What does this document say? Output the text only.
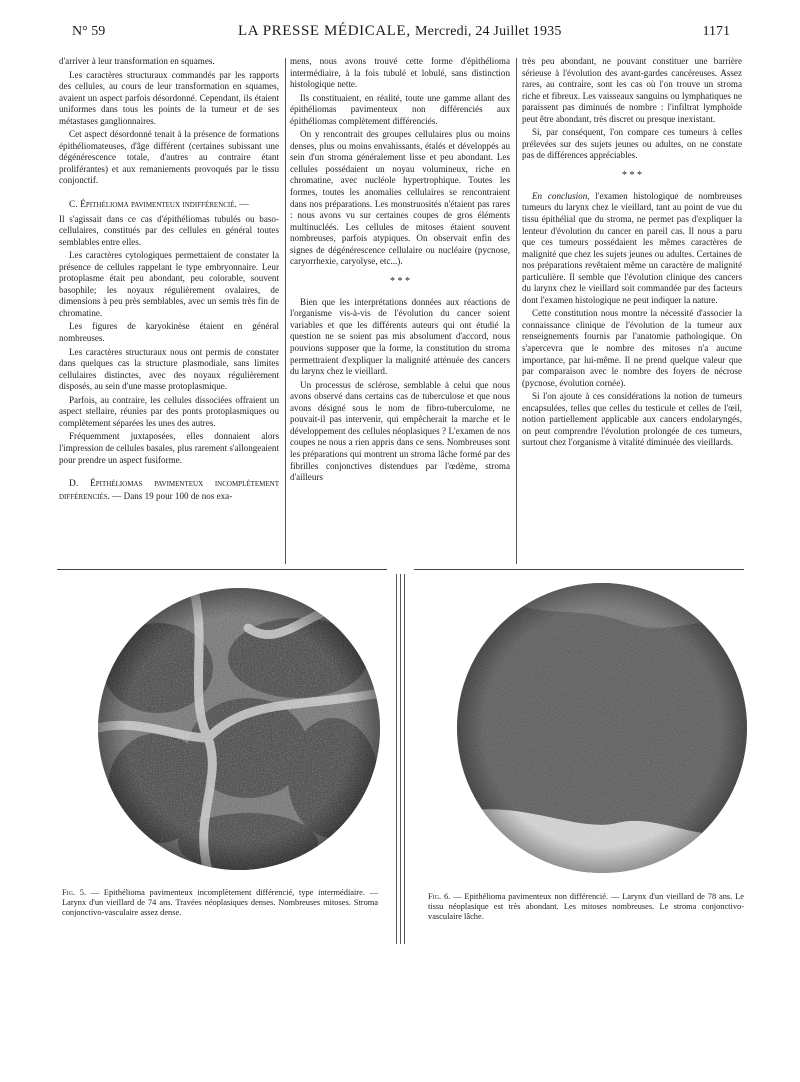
N° 59	LA PRESSE MÉDICALE, Mercredi, 24 Juillet 1935	1171

d'arriver à leur transformation en squames.

Les caractères structuraux commandés par les rapports des cellules, au cours de leur transformation en squames, avaient un aspect parfois désordonné. Cependant, ils étaient uniformes dans tous les points de la tumeur et de ses métastases ganglionnaires.

Cet aspect désordonné tenait à la présence de formations épithéliomateuses, d'âge différent (certaines subissant une dégénérescence totale, d'autres au contraire étant proliférantes) et aux remaniements provoqués par le tissu conjonctif.

C. Épithélioma pavimenteux indifférencié. —

Il s'agissait dans ce cas d'épithéliomas tubulés ou baso-cellulaires, constitués par des cellules en général toutes semblables entre elles.

Les caractères cytologiques permettaient de constater la présence de cellules rappelant le type embryonnaire. Leur protoplasme était peu abondant, peu colorable, souvent basophile; les noyaux régulièrement ovalaires, de dimensions à peu près semblables, avec un semis très fin de chromatine.

Les figures de karyokinèse étaient en général nombreuses.

Les caractères structuraux nous ont permis de constater dans quelques cas la structure plasmodiale, sans limites cellulaires distinctes, avec des noyaux régulièrement disposés, au sein d'une masse protoplasmique.

Parfois, au contraire, les cellules dissociées offraient un aspect stellaire, réunies par des ponts protoplasmiques ou complètement séparées les unes des autres.

Fréquemment juxtaposées, elles donnaient alors l'impression de cellules basales, plus rarement s'allongeaient pour prendre un aspect fusiforme.

D. Épithéliomas pavimenteux incomplètement différenciés. — Dans 19 pour 100 de nos exa-

mens, nous avons trouvé cette forme d'épithélioma intermédiaire, à la fois tubulé et lobulé, sans distinction histologique nette.

Ils constituaient, en réalité, toute une gamme allant des épithéliomas pavimenteux non différenciés aux épithéliomas complètement différenciés.

On y rencontrait des groupes cellulaires plus ou moins denses, plus ou moins envahissants, étalés et développés au sein d'un stroma généralement lisse et peu abondant. Les cellules possédaient un noyau volumineux, riche en chromatine, avec nucléole hypertrophique. Toutes les formes, toutes les anomalies cellulaires se rencontraient dans nos préparations. Les monstruosités n'étaient pas rares : nous avons vu sur certaines coupes de gros éléments multinucléés. Les cellules de mitoses étaient souvent nombreuses, parfois atypiques. On observait enfin des signes de dégénérescence cellulaire ou nucléaire (pycnose, caryorrhexie, caryolyse, etc...).

* * *

Bien que les interprétations données aux réactions de l'organisme vis-à-vis de l'évolution du cancer soient variables et que les différents auteurs qui ont étudié la question ne se soient pas mis absolument d'accord, nous pouvions supposer que la forme, la constitution du stroma permettraient d'expliquer la malignité atténuée des cancers du larynx chez le vieillard.

Un processus de sclérose, semblable à celui que nous avons observé dans certains cas de tuberculose et que nous avons désigné sous le nom de fibro-tuberculome, ne pouvait-il pas intervenir, qui empêcherait la marche et le développement des cellules néoplasiques ? L'examen de nos coupes ne nous a rien appris dans ce sens. Nombreuses sont les préparations qui montrent un stroma lâche formé par des fibrilles conjonctives distendues par l'œdème, stroma d'ailleurs

très peu abondant, ne pouvant constituer une barrière sérieuse à l'évolution des avant-gardes cancéreuses. Assez rares, au contraire, sont les cas où l'on trouve un stroma riche et fibreux. Les vaisseaux sanguins ou lymphatiques ne paraissent pas diminués de nombre : l'infiltrat lymphoïde peut être abondant, très discret ou presque inexistant.

Si, par conséquent, l'on compare ces tumeurs à celles prélevées sur des sujets jeunes ou adultes, on ne constate pas de différences appréciables.

* * *

En conclusion, l'examen histologique de nombreuses tumeurs du larynx chez le vieillard, tant au point de vue du tissu épithélial que du stroma, ne permet pas d'expliquer la lenteur d'évolution du cancer en pareil cas. Il nous a paru que ces tumeurs possédaient les mêmes caractères de malignité que chez les sujets jeunes ou adultes. Certaines de nos préparations revêtaient même un caractère de malignité particulière. Il semble que l'évolution clinique des cancers du larynx chez le vieillard soit commandée par des facteurs dont l'examen histologique ne peut indiquer la nature.

Cette constitution nous montre la nécessité d'associer la connaissance clinique de l'évolution de la tumeur aux renseignements fournis par l'anatomie pathologique. On s'apercevra que le nombre des mitoses n'a aucune importance, par lui-même. Il ne prend quelque valeur que par comparaison avec le nombre des foyers de nécrose (pycnose, évolution cornée).

Si l'on ajoute à ces considérations la notion de tumeurs encapsulées, telles que celles du testicule et celles de l'œil, notion partiellement applicable aux cancers endolaryngés, on peut comprendre l'évolution prolongée de ces tumeurs, surtout chez l'organisme à vitalité diminuée des vieillards.

Fig. 5. — Epithélioma pavimenteux incomplètement différencié, type intermédiaire. — Larynx d'un vieillard de 74 ans. Travées néoplasiques denses. Nombreuses mitoses. Stroma conjonctivo-vasculaire assez dense.
Fig. 6. — Epithélioma pavimenteux non différencié. — Larynx d'un vieillard de 78 ans. Le tissu néoplasique est très abondant. Les mitoses nombreuses. Le stroma conjonctivo-vasculaire lâche.
